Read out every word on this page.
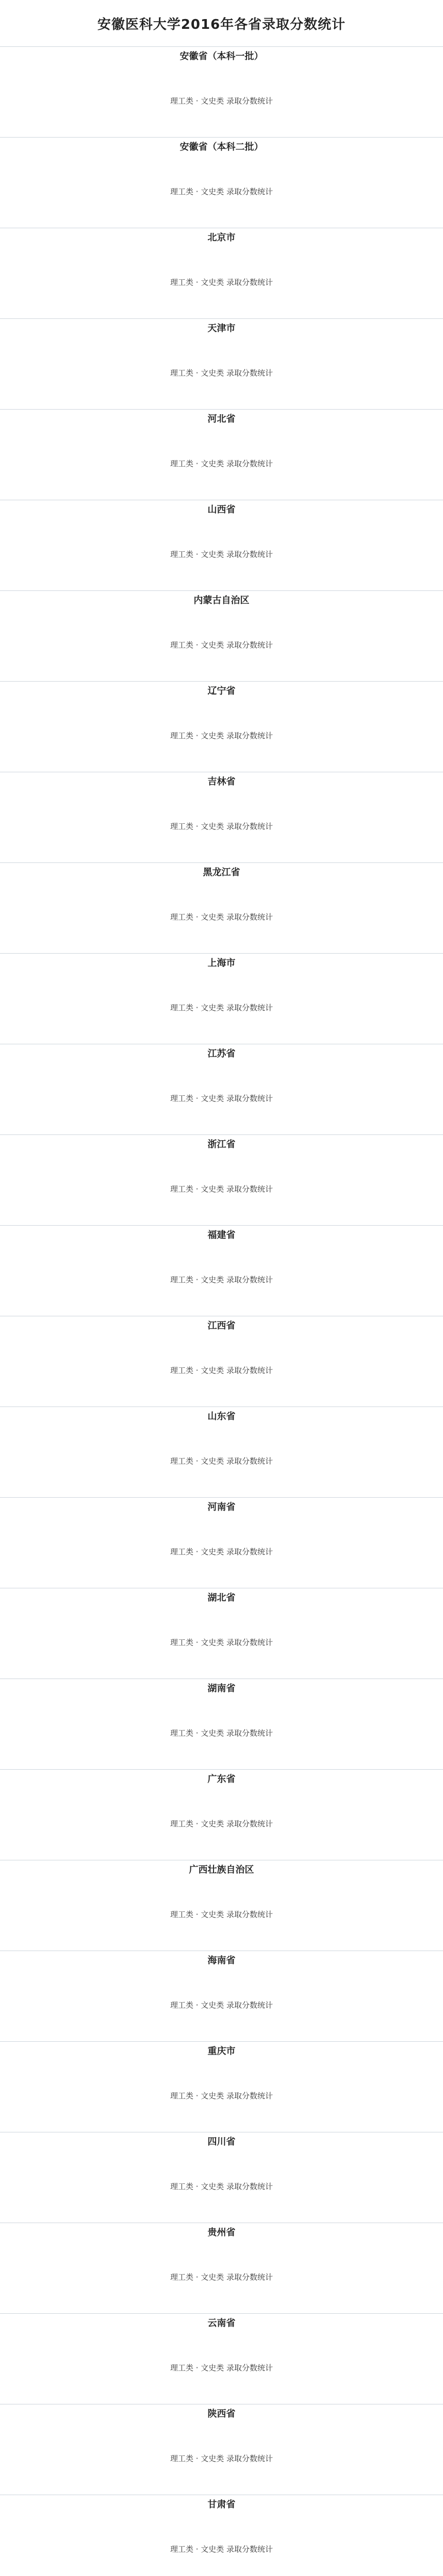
安徽医科大学2016年各省录取分数统计
安徽省（本科一批）
理工类 · 文史类 录取分数统计
安徽省（本科二批）
理工类 · 文史类 录取分数统计
北京市
理工类 · 文史类 录取分数统计
天津市
理工类 · 文史类 录取分数统计
河北省
理工类 · 文史类 录取分数统计
山西省
理工类 · 文史类 录取分数统计
内蒙古自治区
理工类 · 文史类 录取分数统计
辽宁省
理工类 · 文史类 录取分数统计
吉林省
理工类 · 文史类 录取分数统计
黑龙江省
理工类 · 文史类 录取分数统计
上海市
理工类 · 文史类 录取分数统计
江苏省
理工类 · 文史类 录取分数统计
浙江省
理工类 · 文史类 录取分数统计
福建省
理工类 · 文史类 录取分数统计
江西省
理工类 · 文史类 录取分数统计
山东省
理工类 · 文史类 录取分数统计
河南省
理工类 · 文史类 录取分数统计
湖北省
理工类 · 文史类 录取分数统计
湖南省
理工类 · 文史类 录取分数统计
广东省
理工类 · 文史类 录取分数统计
广西壮族自治区
理工类 · 文史类 录取分数统计
海南省
理工类 · 文史类 录取分数统计
重庆市
理工类 · 文史类 录取分数统计
四川省
理工类 · 文史类 录取分数统计
贵州省
理工类 · 文史类 录取分数统计
云南省
理工类 · 文史类 录取分数统计
陕西省
理工类 · 文史类 录取分数统计
甘肃省
理工类 · 文史类 录取分数统计
